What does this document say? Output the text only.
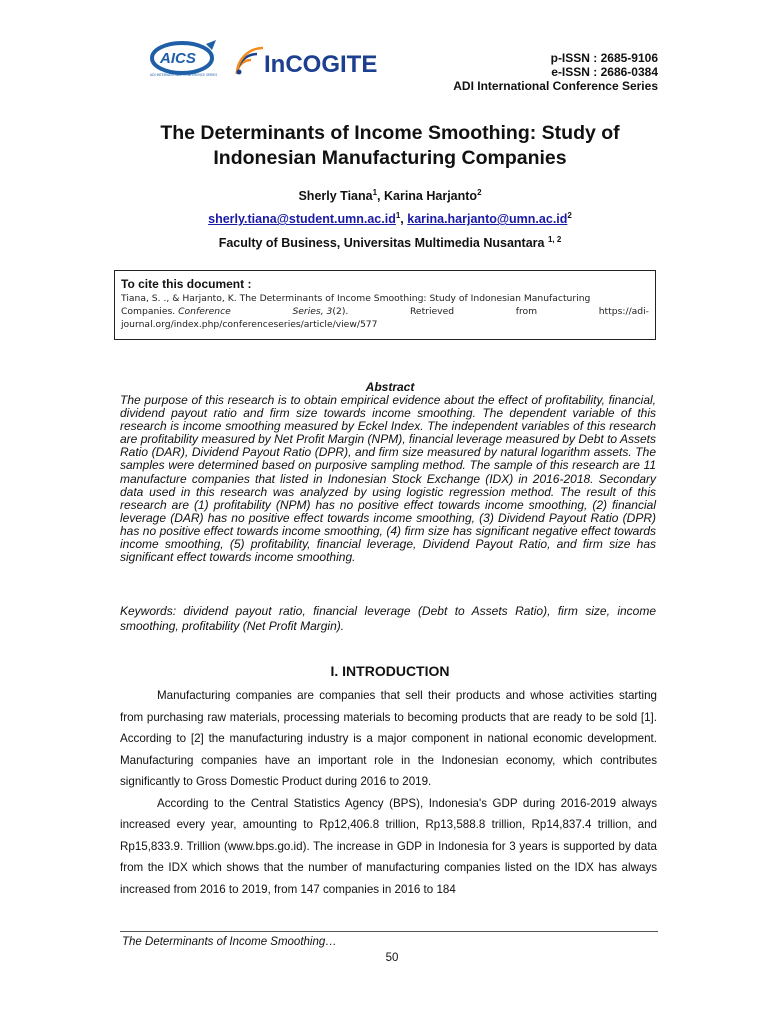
AICS
ADI INTERNATIONAL CONFERENCE SERIES InCOGITE	p-ISSN : 2685-9106
e-ISSN : 2686-0384
ADI International Conference Series
The Determinants of Income Smoothing: Study of
Indonesian Manufacturing Companies
Sherly Tiana$^1$, Karina Harjanto$^2$
$sherly.tiana@student.umn.ac.id^1$, $karina.harjanto@umn.ac.id^2$
Faculty of Business, Universitas Multimedia Nusantara $^{1, 2}$
To cite this document :
Tiana, S. ., & Harjanto, K. The Determinants of Income Smoothing: Study of Indonesian Manufacturing
Companies. Conference	Series, 3(2).	Retrieved	from	https://adi-
journal.org/index.php/conferenceseries/article/view/577
Abstract
The purpose of this research is to obtain empirical evidence about the effect of profitability, financial, dividend payout ratio and firm size towards income smoothing. The dependent variable of this research is income smoothing measured by Eckel Index. The independent variables of this research are profitability measured by Net Profit Margin (NPM), financial leverage measured by Debt to Assets Ratio (DAR), Dividend Payout Ratio (DPR), and firm size measured by natural logarithm assets. The samples were determined based on purposive sampling method. The sample of this research are 11 manufacture companies that listed in Indonesian Stock Exchange (IDX) in 2016-2018. Secondary data used in this research was analyzed by using logistic regression method. The result of this research are (1) profitability (NPM) has no positive effect towards income smoothing, (2) financial leverage (DAR) has no positive effect towards income smoothing, (3) Dividend Payout Ratio (DPR) has no positive effect towards income smoothing, (4) firm size has significant negative effect towards income smoothing, (5) profitability, financial leverage, Dividend Payout Ratio, and firm size has significant effect towards income smoothing.
Keywords: dividend payout ratio, financial leverage (Debt to Assets Ratio), firm size, income smoothing, profitability (Net Profit Margin).
I. INTRODUCTION

Manufacturing companies are companies that sell their products and whose activities starting from purchasing raw materials, processing materials to becoming products that are ready to be sold [1]. According to [2] the manufacturing industry is a major component in national economic development. Manufacturing companies have an important role in the Indonesian economy, which contributes significantly to Gross Domestic Product during 2016 to 2019.

According to the Central Statistics Agency (BPS), Indonesia's GDP during 2016-2019 always increased every year, amounting to Rp12,406.8 trillion, Rp13,588.8 trillion, Rp14,837.4 trillion, and Rp15,833.9. Trillion (www.bps.go.id). The increase in GDP in Indonesia for 3 years is supported by data from the IDX which shows that the number of manufacturing companies listed on the IDX has always increased from 2016 to 2019, from 147 companies in 2016 to 184

The Determinants of Income Smoothing…
50
